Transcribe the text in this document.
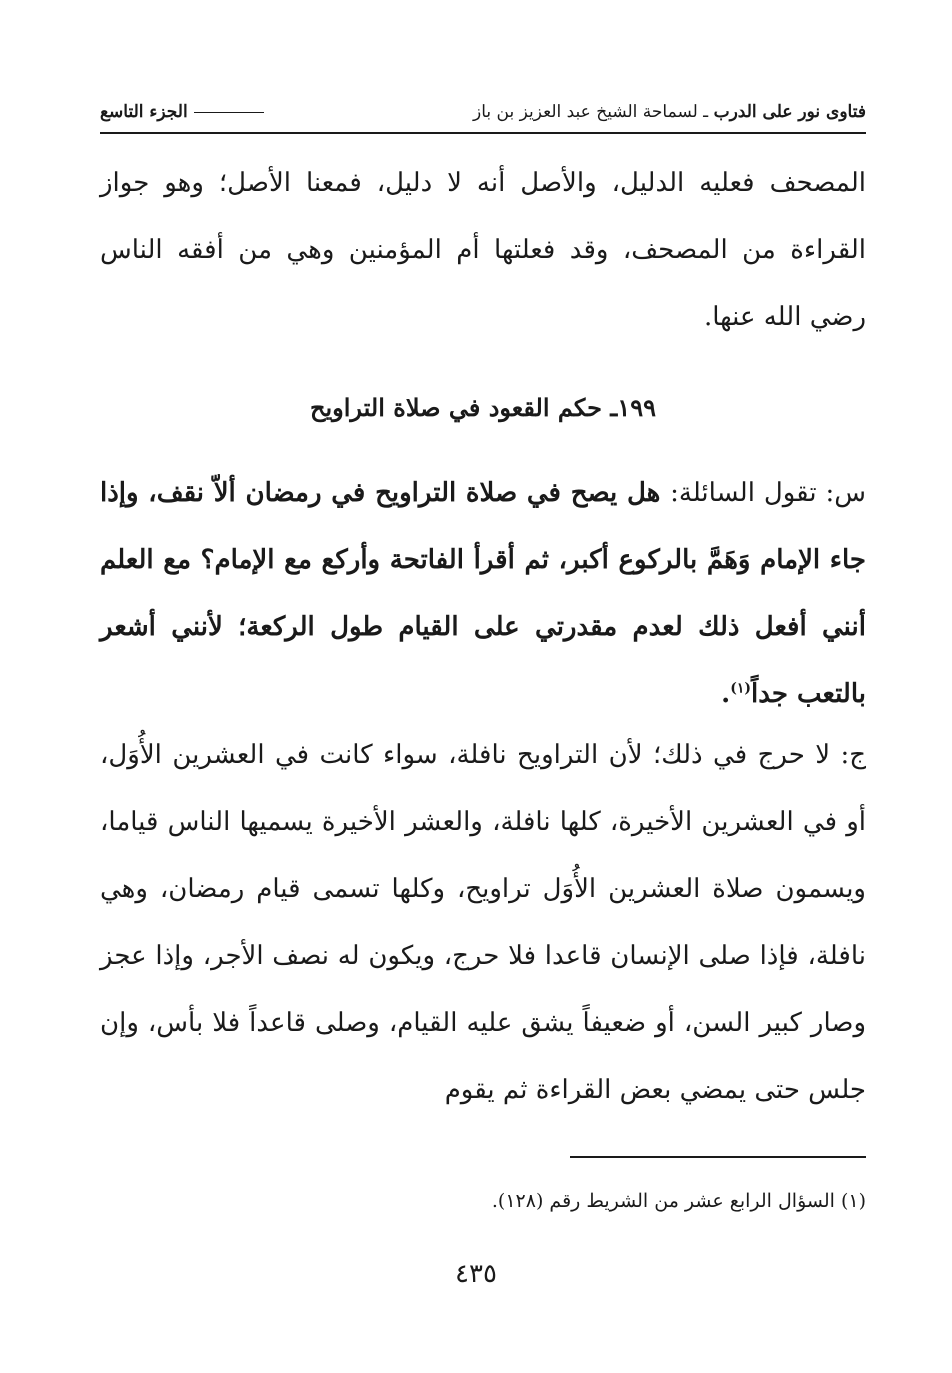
فتاوى نور على الدرب ـ لسماحة الشيخ عبد العزيز بن باز
الجزء التاسع

المصحف فعليه الدليل، والأصل أنه لا دليل، فمعنا الأصل؛ وهو جواز القراءة من المصحف، وقد فعلتها أم المؤمنين وهي من أفقه الناس رضي الله عنها.

١٩٩ـ حكم القعود في صلاة التراويح

س: تقول السائلة: هل يصح في صلاة التراويح في رمضان ألاّ نقف، وإذا جاء الإمام وَهَمَّ بالركوع أكبر، ثم أقرأ الفاتحة وأركع مع الإمام؟ مع العلم أنني أفعل ذلك لعدم مقدرتي على القيام طول الركعة؛ لأنني أشعر بالتعب جداً$^{(١)}$.

ج: لا حرج في ذلك؛ لأن التراويح نافلة، سواء كانت في العشرين الأُوَل، أو في العشرين الأخيرة، كلها نافلة، والعشر الأخيرة يسميها الناس قياما، ويسمون صلاة العشرين الأُوَل تراويح، وكلها تسمى قيام رمضان، وهي نافلة، فإذا صلى الإنسان قاعدا فلا حرج، ويكون له نصف الأجر، وإذا عجز وصار كبير السن، أو ضعيفاً يشق عليه القيام، وصلى قاعداً فلا بأس، وإن جلس حتى يمضي بعض القراءة ثم يقوم

(١) السؤال الرابع عشر من الشريط رقم (١٢٨).

٤٣٥
